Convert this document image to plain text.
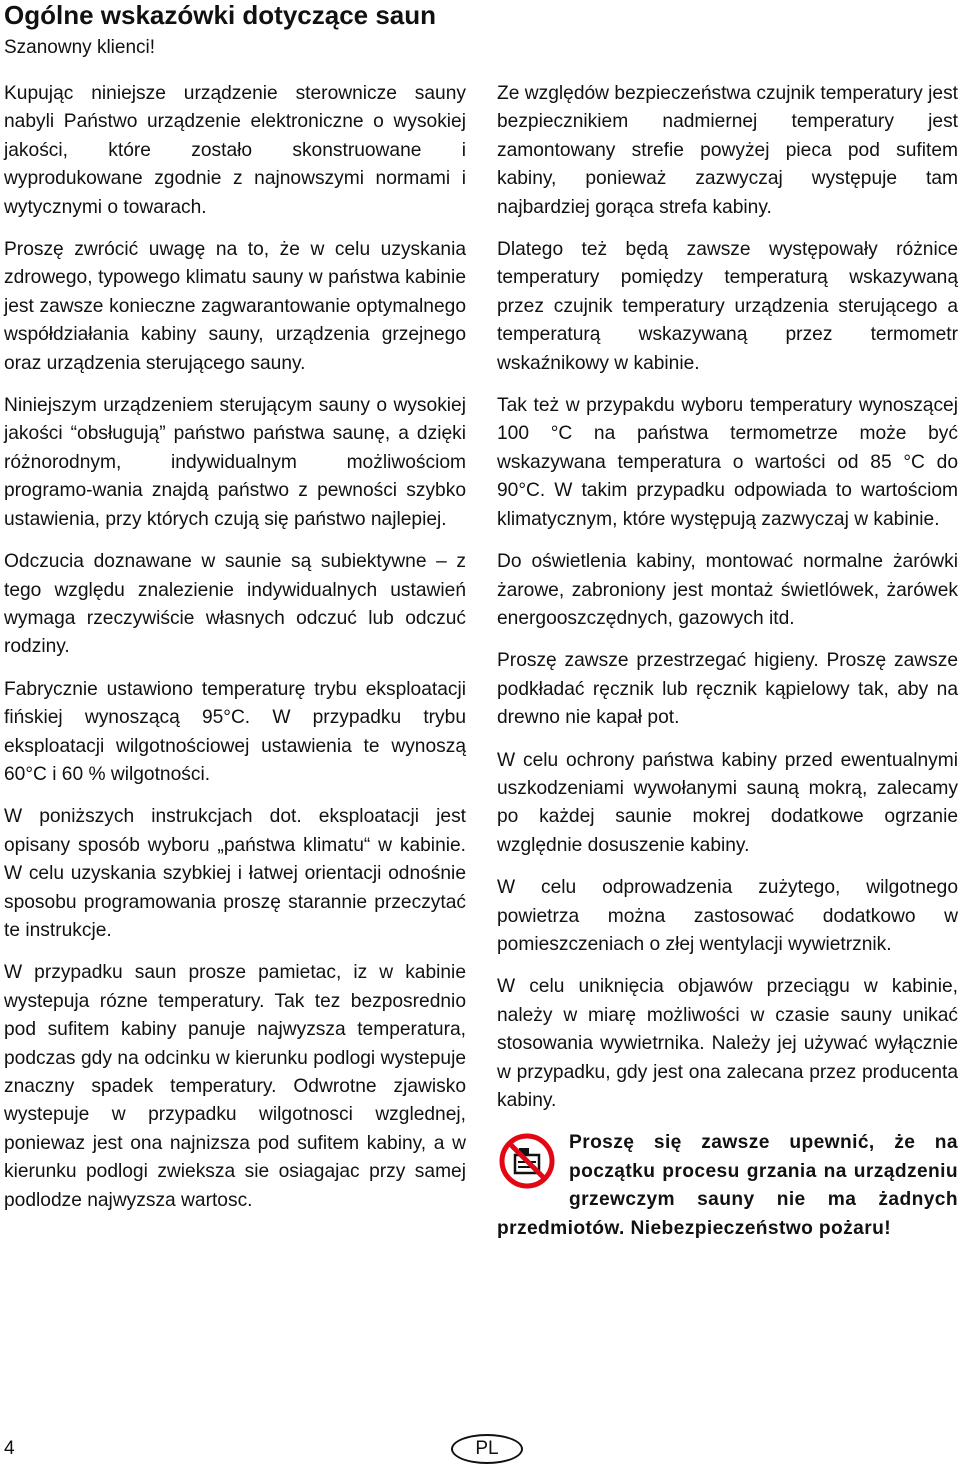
Ogólne wskazówki dotyczące saun

Szanowny klienci!

Kupując niniejsze urządzenie sterownicze sauny nabyli Państwo urządzenie elektroniczne o wysokiej jakości, które zostało skonstruowane i wyprodukowane zgodnie z najnowszymi normami i wytycznymi o towarach.

Proszę zwrócić uwagę na to, że w celu uzyskania zdrowego, typowego klimatu sauny w państwa kabinie jest zawsze konieczne zagwarantowanie optymalnego współdziałania kabiny sauny, urządzenia grzejnego oraz urządzenia sterującego sauny.

Niniejszym urządzeniem sterującym sauny o wysokiej jakości “obsługują” państwo państwa saunę, a dzięki różnorodnym, indywidualnym możliwościom programo-wania znajdą państwo z pewności szybko ustawienia, przy których czują się państwo najlepiej.

Odczucia doznawane w saunie są subiektywne – z tego względu znalezienie indywidualnych ustawień wymaga rzeczywiście własnych odczuć lub odczuć rodziny.

Fabrycznie ustawiono temperaturę trybu eksploatacji fińskiej wynoszącą 95°C. W przypadku trybu eksploatacji wilgotnościowej ustawienia te wynoszą 60°C i 60 % wilgotności.

W poniższych instrukcjach dot. eksploatacji jest opisany sposób wyboru „państwa klimatu“ w kabinie. W celu uzyskania szybkiej i łatwej orientacji odnośnie sposobu programowania proszę starannie przeczytać te instrukcje.

W przypadku saun prosze pamietac, iz w kabinie wystepuja rózne temperatury. Tak tez bezposrednio pod sufitem kabiny panuje najwyzsza temperatura, podczas gdy na odcinku w kierunku podlogi wystepuje znaczny spadek temperatury. Odwrotne zjawisko wystepuje w przypadku wilgotnosci wzglednej, poniewaz jest ona najnizsza pod sufitem kabiny, a w kierunku podlogi zwieksza sie osiagajac przy samej podlodze najwyzsza wartosc.

Ze względów bezpieczeństwa czujnik temperatury jest bezpiecznikiem nadmiernej temperatury jest zamontowany strefie powyżej pieca pod sufitem kabiny, ponieważ zazwyczaj występuje tam najbardziej gorąca strefa kabiny.

Dlatego też będą zawsze występowały różnice temperatury pomiędzy temperaturą wskazywaną przez czujnik temperatury urządzenia sterującego a temperaturą wskazywaną przez termometr wskaźnikowy w kabinie.

Tak też w przypakdu wyboru temperatury wynoszącej 100 °C na państwa termometrze może być wskazywana temperatura o wartości od 85 °C do 90°C. W takim przypadku odpowiada to wartościom klimatycznym, które występują zazwyczaj w kabinie.

Do oświetlenia kabiny, montować normalne żarówki żarowe, zabroniony jest montaż świetlówek, żarówek energooszczędnych, gazowych itd.

Proszę zawsze przestrzegać higieny. Proszę zawsze podkładać ręcznik lub ręcznik kąpielowy tak, aby na drewno nie kapał pot.

W celu ochrony państwa kabiny przed ewentualnymi uszkodzeniami wywołanymi sauną mokrą, zalecamy po każdej saunie mokrej dodatkowe ogrzanie względnie dosuszenie kabiny.

W celu odprowadzenia zużytego, wilgotnego powietrza można zastosować dodatkowo w pomieszczeniach o złej wentylacji wywietrznik.

W celu uniknięcia objawów przeciągu w kabinie, należy w miarę możliwości w czasie sauny unikać stosowania wywietrnika. Należy jej używać wyłącznie w przypadku, gdy jest ona zalecana przez producenta kabiny.

Proszę się zawsze upewnić, że na początku procesu grzania na urządzeniu grzewczym sauny nie ma żadnych przedmiotów. Niebezpieczeństwo pożaru!

4	PL
